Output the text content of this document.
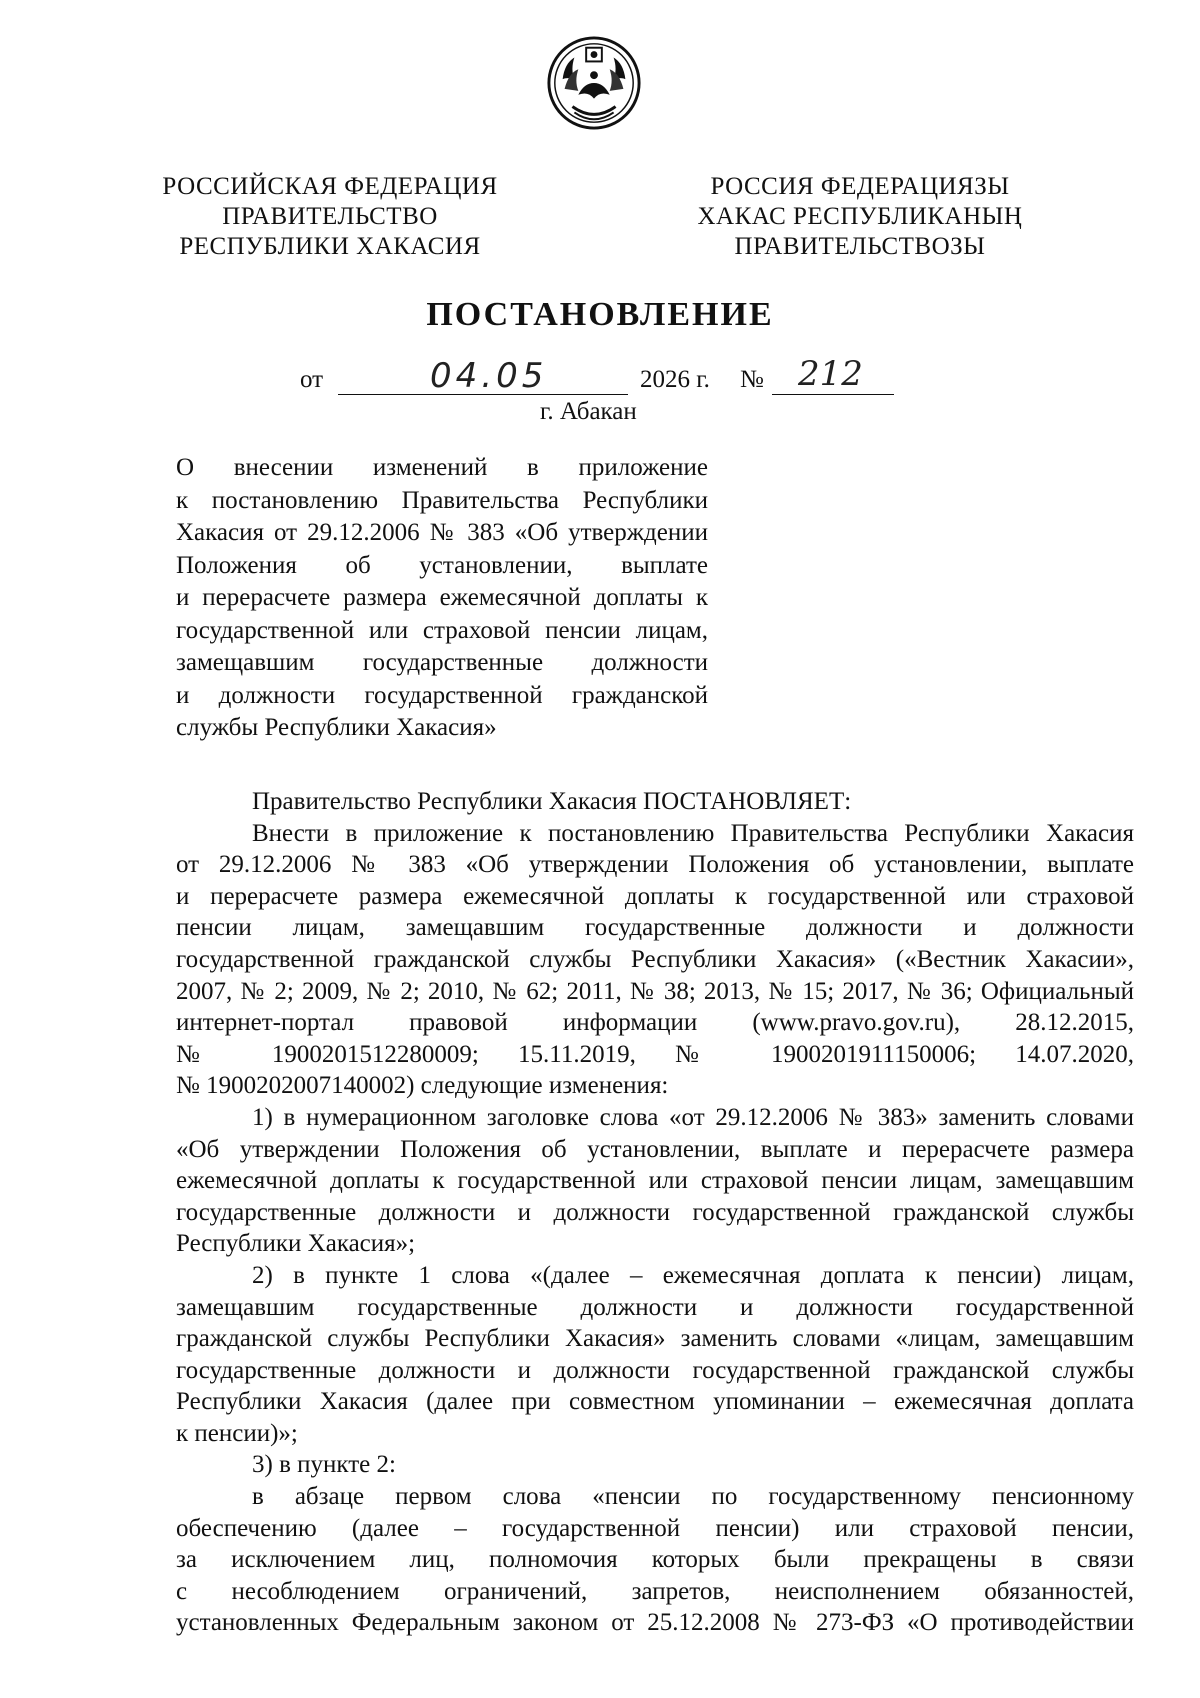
РОССИЙСКАЯ ФЕДЕРАЦИЯ
ПРАВИТЕЛЬСТВО
РЕСПУБЛИКИ ХАКАСИЯ
РОССИЯ ФЕДЕРАЦИЯЗЫ
ХАКАС РЕСПУБЛИКАНЫҢ
ПРАВИТЕЛЬСТВОЗЫ
ПОСТАНОВЛЕНИЕ
от	04.05	2026 г. № 212
г. Абакан
О внесении изменений в приложение
к постановлению Правительства Республики
Хакасия от 29.12.2006 № 383 «Об утверждении
Положения об установлении, выплате
и перерасчете размера ежемесячной доплаты к
государственной или страховой пенсии лицам,
замещавшим государственные должности
и должности государственной гражданской
службы Республики Хакасия»
Правительство Республики Хакасия ПОСТАНОВЛЯЕТ:
Внести в приложение к постановлению Правительства Республики Хакасия
от 29.12.2006 № 383 «Об утверждении Положения об установлении, выплате
и перерасчете размера ежемесячной доплаты к государственной или страховой
пенсии лицам, замещавшим государственные должности и должности
государственной гражданской службы Республики Хакасия» («Вестник Хакасии»,
2007, № 2; 2009, № 2; 2010, № 62; 2011, № 38; 2013, № 15; 2017, № 36; Официальный
интернет-портал правовой информации (www.pravo.gov.ru), 28.12.2015,
№ 1900201512280009; 15.11.2019, № 1900201911150006; 14.07.2020,
№ 1900202007140002) следующие изменения:
1) в нумерационном заголовке слова «от 29.12.2006 № 383» заменить словами
«Об утверждении Положения об установлении, выплате и перерасчете размера
ежемесячной доплаты к государственной или страховой пенсии лицам, замещавшим
государственные должности и должности государственной гражданской службы
Республики Хакасия»;
2) в пункте 1 слова «(далее – ежемесячная доплата к пенсии) лицам,
замещавшим государственные должности и должности государственной
гражданской службы Республики Хакасия» заменить словами «лицам, замещавшим
государственные должности и должности государственной гражданской службы
Республики Хакасия (далее при совместном упоминании – ежемесячная доплата
к пенсии)»;
3) в пункте 2:
в абзаце первом слова «пенсии по государственному пенсионному
обеспечению (далее – государственной пенсии) или страховой пенсии,
за исключением лиц, полномочия которых были прекращены в связи
с несоблюдением ограничений, запретов, неисполнением обязанностей,
установленных Федеральным законом от 25.12.2008 № 273-ФЗ «О противодействии
